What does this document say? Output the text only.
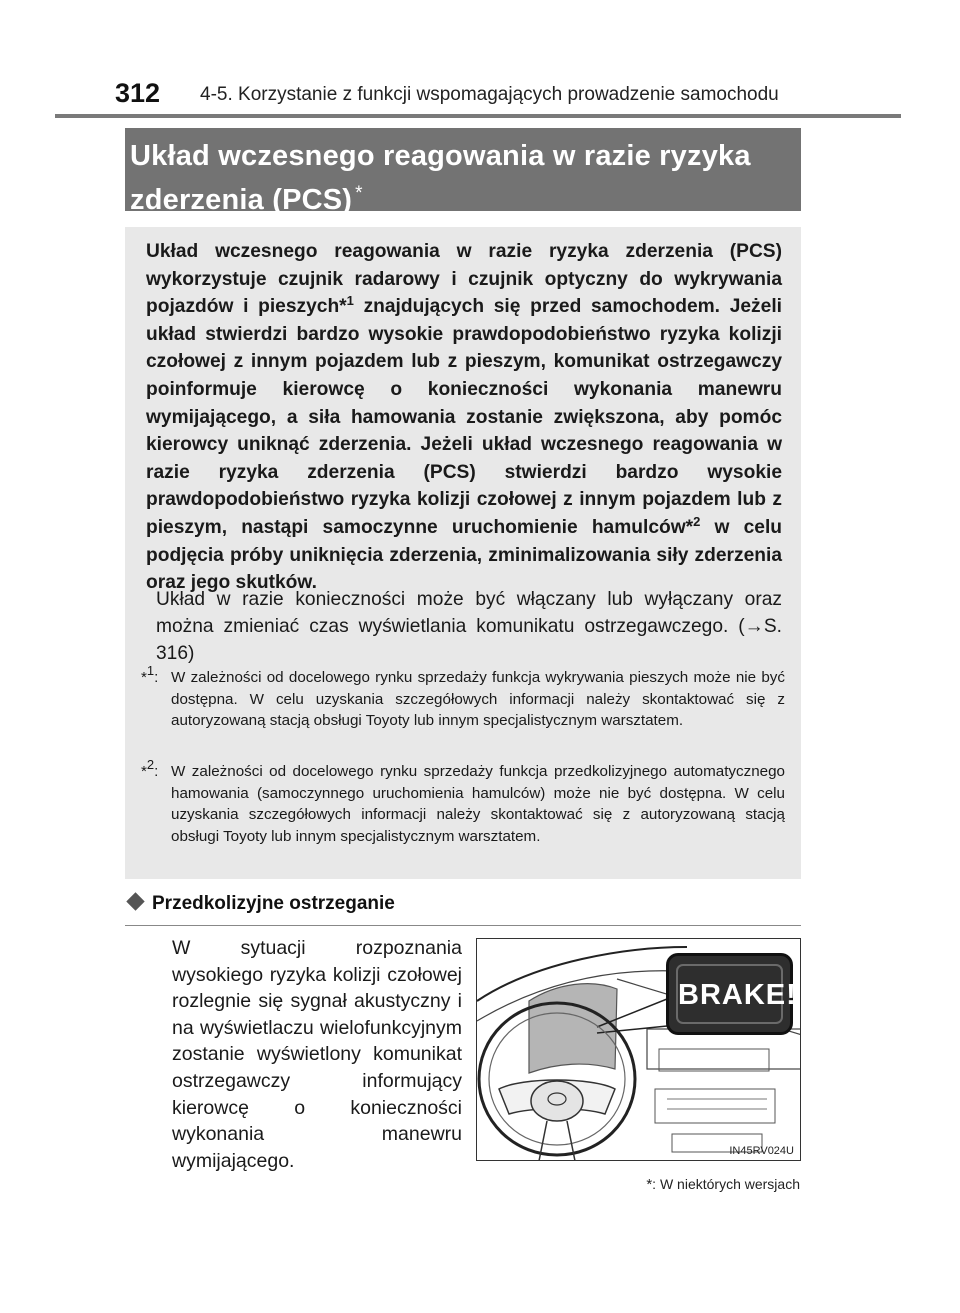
312 4-5. Korzystanie z funkcji wspomagających prowadzenie samochodu
Układ wczesnego reagowania w razie ryzyka
zderzenia (PCS) *
Układ wczesnego reagowania w razie ryzyka zderzenia (PCS) wykorzystuje czujnik radarowy i czujnik optyczny do wykrywania pojazdów i pieszych*$^1$ znajdujących się przed samochodem. Jeżeli układ stwierdzi bardzo wysokie prawdopodobieństwo ryzyka kolizji czołowej z innym pojazdem lub z pieszym, komunikat ostrzegawczy poinformuje kierowcę o konieczności wykonania manewru wymijającego, a siła hamowania zostanie zwiększona, aby pomóc kierowcy uniknąć zderzenia. Jeżeli układ wczesnego reagowania w razie ryzyka zderzenia (PCS) stwierdzi bardzo wysokie prawdopodobieństwo ryzyka kolizji czołowej z innym pojazdem lub z pieszym, nastąpi samoczynne uruchomienie hamulców*$^2$ w celu podjęcia próby uniknięcia zderzenia, zminimalizowania siły zderzenia oraz jego skutków.
Układ w razie konieczności może być włączany lub wyłączany oraz można zmieniać czas wyświetlania komunikatu ostrzegawczego. (→S. 316)
*$^1$: W zależności od docelowego rynku sprzedaży funkcja wykrywania pieszych może nie być dostępna. W celu uzyskania szczegółowych informacji należy skontaktować się z autoryzowaną stacją obsługi Toyoty lub innym specjalistycznym warsztatem.
*$^2$: W zależności od docelowego rynku sprzedaży funkcja przedkolizyjnego automatycznego hamowania (samoczynnego uruchomienia hamulców) może nie być dostępna. W celu uzyskania szczegółowych informacji należy skontaktować się z autoryzowaną stacją obsługi Toyoty lub innym specjalistycznym warsztatem.
Przedkolizyjne ostrzeganie
W sytuacji rozpoznania wysokiego ryzyka kolizji czołowej rozlegnie się sygnał akustyczny i na wyświetlaczu wielofunkcyjnym zostanie wyświetlony komunikat ostrzegawczy informujący kierowcę o konieczności wykonania manewru wymijającego.
BRAKE!
IN45RV024U
*: W niektórych wersjach
